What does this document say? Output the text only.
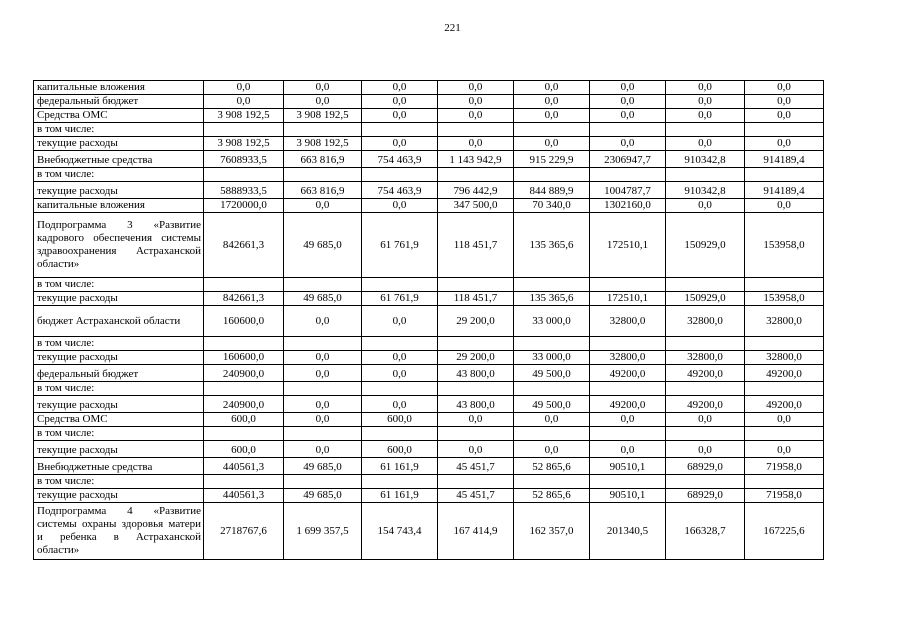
221
капитальные вложения	0,0	0,0	0,0	0,0	0,0	0,0	0,0	0,0
федеральный бюджет	0,0	0,0	0,0	0,0	0,0	0,0	0,0	0,0
Средства ОМС	3 908 192,5	3 908 192,5	0,0	0,0	0,0	0,0	0,0	0,0
в том числе:								
текущие расходы	3 908 192,5	3 908 192,5	0,0	0,0	0,0	0,0	0,0	0,0
Внебюджетные средства	7608933,5	663 816,9	754 463,9	1 143 942,9	915 229,9	2306947,7	910342,8	914189,4
в том числе:								
текущие расходы	5888933,5	663 816,9	754 463,9	796 442,9	844 889,9	1004787,7	910342,8	914189,4
капитальные вложения	1720000,0	0,0	0,0	347 500,0	70 340,0	1302160,0	0,0	0,0
Подпрограмма 3 «Развитие кадрового обеспечения системы здравоохранения Астраханской области»	842661,3	49 685,0	61 761,9	118 451,7	135 365,6	172510,1	150929,0	153958,0
в том числе:								
текущие расходы	842661,3	49 685,0	61 761,9	118 451,7	135 365,6	172510,1	150929,0	153958,0
бюджет Астраханской области	160600,0	0,0	0,0	29 200,0	33 000,0	32800,0	32800,0	32800,0
в том числе:								
текущие расходы	160600,0	0,0	0,0	29 200,0	33 000,0	32800,0	32800,0	32800,0
федеральный бюджет	240900,0	0,0	0,0	43 800,0	49 500,0	49200,0	49200,0	49200,0
в том числе:								
текущие расходы	240900,0	0,0	0,0	43 800,0	49 500,0	49200,0	49200,0	49200,0
Средства ОМС	600,0	0,0	600,0	0,0	0,0	0,0	0,0	0,0
в том числе:								
текущие расходы	600,0	0,0	600,0	0,0	0,0	0,0	0,0	0,0
Внебюджетные средства	440561,3	49 685,0	61 161,9	45 451,7	52 865,6	90510,1	68929,0	71958,0
в том числе:								
текущие расходы	440561,3	49 685,0	61 161,9	45 451,7	52 865,6	90510,1	68929,0	71958,0
Подпрограмма 4 «Развитие системы охраны здоровья матери и ребенка в Астраханской области»	2718767,6	1 699 357,5	154 743,4	167 414,9	162 357,0	201340,5	166328,7	167225,6
